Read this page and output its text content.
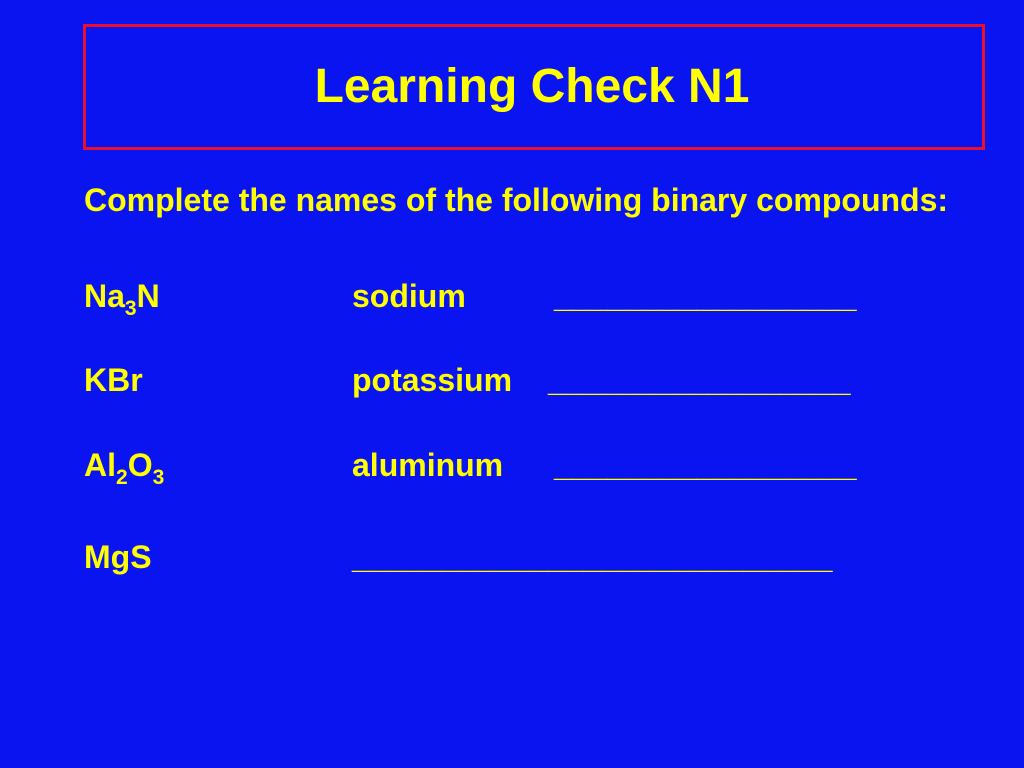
Learning Check N1

Complete the names of the following binary compounds:

$Na_3N$	sodium	_________________
KBr	potassium _________________
$Al_2O_3$	aluminum _________________
MgS	___________________________
